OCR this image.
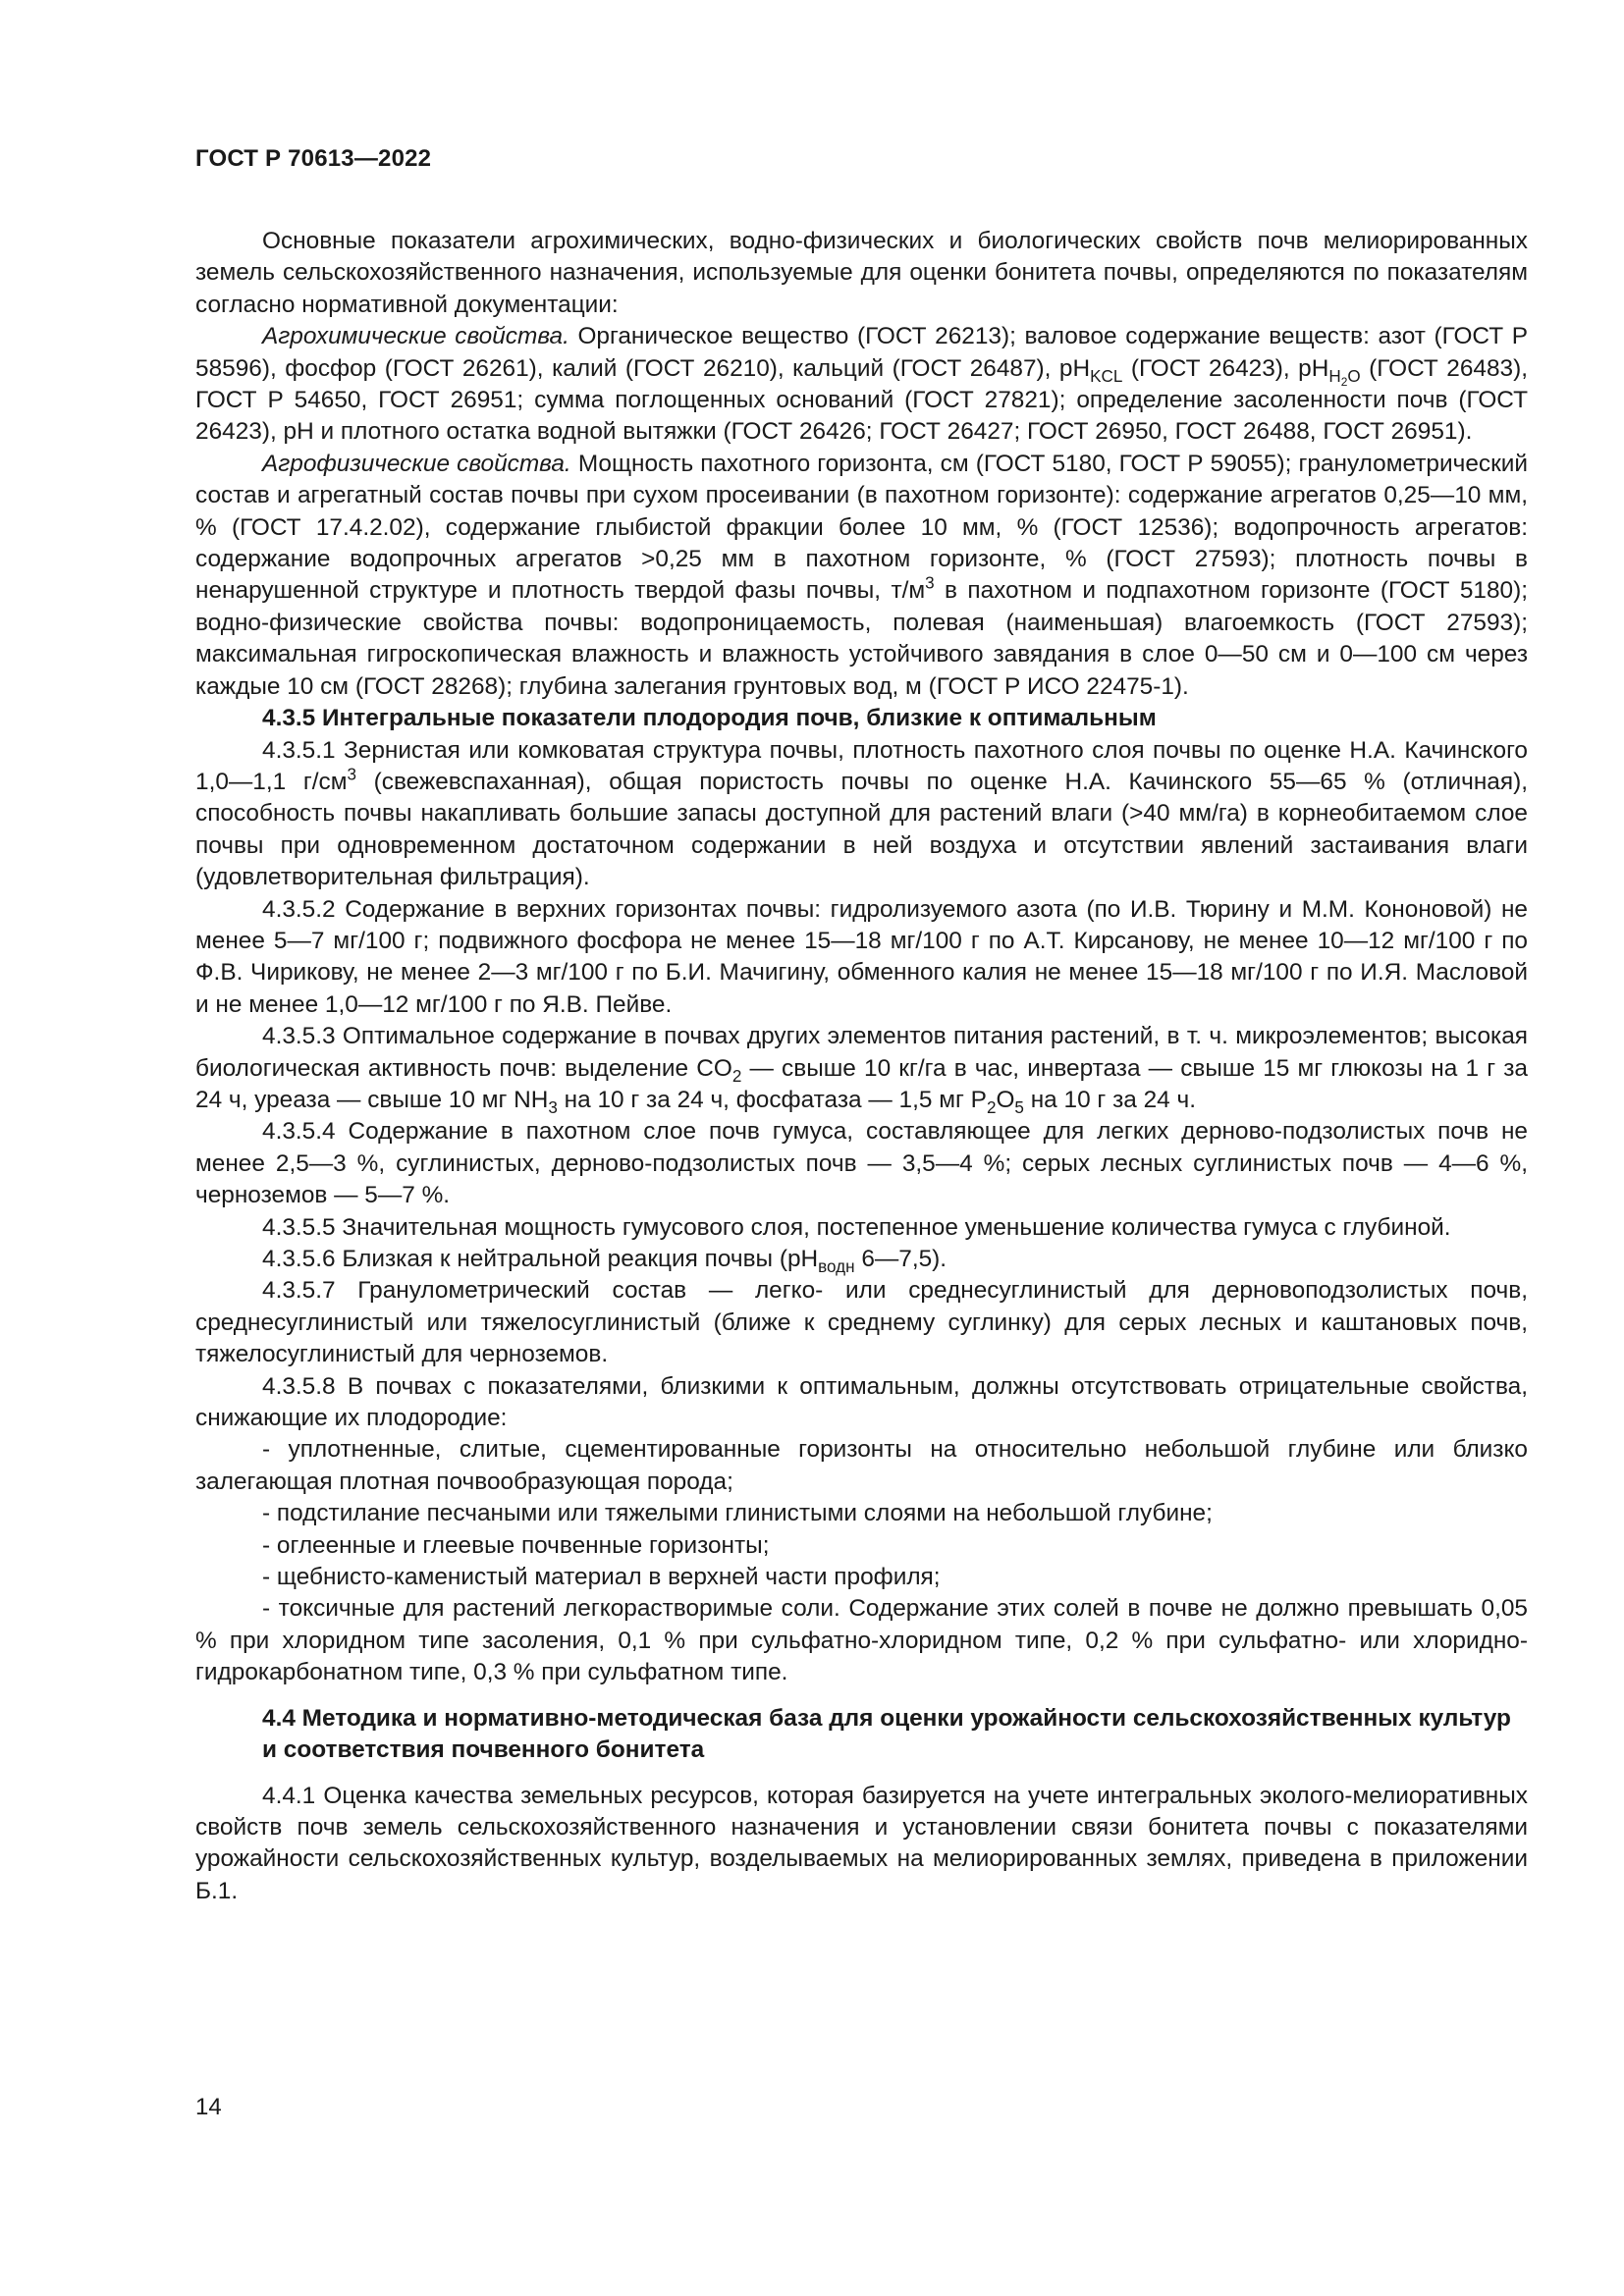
ГОСТ Р 70613—2022

Основные показатели агрохимических, водно-физических и биологических свойств почв мелиорированных земель сельскохозяйственного назначения, используемые для оценки бонитета почвы, определяются по показателям согласно нормативной документации:

Агрохимические свойства. Органическое вещество (ГОСТ 26213); валовое содержание веществ: азот (ГОСТ Р 58596), фосфор (ГОСТ 26261), калий (ГОСТ 26210), кальций (ГОСТ 26487), $pH_{KCL}$ (ГОСТ 26423), $pH_{H_2O}$ (ГОСТ 26483), ГОСТ Р 54650, ГОСТ 26951; сумма поглощенных оснований (ГОСТ 27821); определение засоленности почв (ГОСТ 26423), pH и плотного остатка водной вытяжки (ГОСТ 26426; ГОСТ 26427; ГОСТ 26950, ГОСТ 26488, ГОСТ 26951).

Агрофизические свойства. Мощность пахотного горизонта, см (ГОСТ 5180, ГОСТ Р 59055); гранулометрический состав и агрегатный состав почвы при сухом просеивании (в пахотном горизонте): содержание агрегатов 0,25—10 мм, % (ГОСТ 17.4.2.02), содержание глыбистой фракции более 10 мм, % (ГОСТ 12536); водопрочность агрегатов: содержание водопрочных агрегатов >0,25 мм в пахотном горизонте, % (ГОСТ 27593); плотность почвы в ненарушенной структуре и плотность твердой фазы почвы, $т/м^3$ в пахотном и подпахотном горизонте (ГОСТ 5180); водно-физические свойства почвы: водопроницаемость, полевая (наименьшая) влагоемкость (ГОСТ 27593); максимальная гигроскопическая влажность и влажность устойчивого завядания в слое 0—50 см и 0—100 см через каждые 10 см (ГОСТ 28268); глубина залегания грунтовых вод, м (ГОСТ Р ИСО 22475-1).

4.3.5 Интегральные показатели плодородия почв, близкие к оптимальным

4.3.5.1 Зернистая или комковатая структура почвы, плотность пахотного слоя почвы по оценке Н.А. Качинского 1,0—1,1 $г/см^3$ (свежевспаханная), общая пористость почвы по оценке Н.А. Качинского 55—65 % (отличная), способность почвы накапливать большие запасы доступной для растений влаги (>40 мм/га) в корнеобитаемом слое почвы при одновременном достаточном содержании в ней воздуха и отсутствии явлений застаивания влаги (удовлетворительная фильтрация).

4.3.5.2 Содержание в верхних горизонтах почвы: гидролизуемого азота (по И.В. Тюрину и М.М. Кононовой) не менее 5—7 мг/100 г; подвижного фосфора не менее 15—18 мг/100 г по А.Т. Кирсанову, не менее 10—12 мг/100 г по Ф.В. Чирикову, не менее 2—3 мг/100 г по Б.И. Мачигину, обменного калия не менее 15—18 мг/100 г по И.Я. Масловой и не менее 1,0—12 мг/100 г по Я.В. Пейве.

4.3.5.3 Оптимальное содержание в почвах других элементов питания растений, в т. ч. микроэлементов; высокая биологическая активность почв: выделение $CO_2$ — свыше 10 кг/га в час, инвертаза — свыше 15 мг глюкозы на 1 г за 24 ч, уреаза — свыше 10 мг $NH_3$ на 10 г за 24 ч, фосфатаза — 1,5 мг $P_2O_5$ на 10 г за 24 ч.

4.3.5.4 Содержание в пахотном слое почв гумуса, составляющее для легких дерново-подзолистых почв не менее 2,5—3 %, суглинистых, дерново-подзолистых почв — 3,5—4 %; серых лесных суглинистых почв — 4—6 %, черноземов — 5—7 %.

4.3.5.5 Значительная мощность гумусового слоя, постепенное уменьшение количества гумуса с глубиной.

4.3.5.6 Близкая к нейтральной реакция почвы ($pH_{водн}$ 6—7,5).

4.3.5.7 Гранулометрический состав — легко- или среднесуглинистый для дерновоподзолистых почв, среднесуглинистый или тяжелосуглинистый (ближе к среднему суглинку) для серых лесных и каштановых почв, тяжелосуглинистый для черноземов.

4.3.5.8 В почвах с показателями, близкими к оптимальным, должны отсутствовать отрицательные свойства, снижающие их плодородие:

- уплотненные, слитые, сцементированные горизонты на относительно небольшой глубине или близко залегающая плотная почвообразующая порода;

- подстилание песчаными или тяжелыми глинистыми слоями на небольшой глубине;

- оглеенные и глеевые почвенные горизонты;

- щебнисто-каменистый материал в верхней части профиля;

- токсичные для растений легкорастворимые соли. Содержание этих солей в почве не должно превышать 0,05 % при хлоридном типе засоления, 0,1 % при сульфатно-хлоридном типе, 0,2 % при сульфатно- или хлоридно-гидрокарбонатном типе, 0,3 % при сульфатном типе.

4.4 Методика и нормативно-методическая база для оценки урожайности сельскохозяйственных культур и соответствия почвенного бонитета

4.4.1 Оценка качества земельных ресурсов, которая базируется на учете интегральных эколого-мелиоративных свойств почв земель сельскохозяйственного назначения и установлении связи бонитета почвы с показателями урожайности сельскохозяйственных культур, возделываемых на мелиорированных землях, приведена в приложении Б.1.

14
